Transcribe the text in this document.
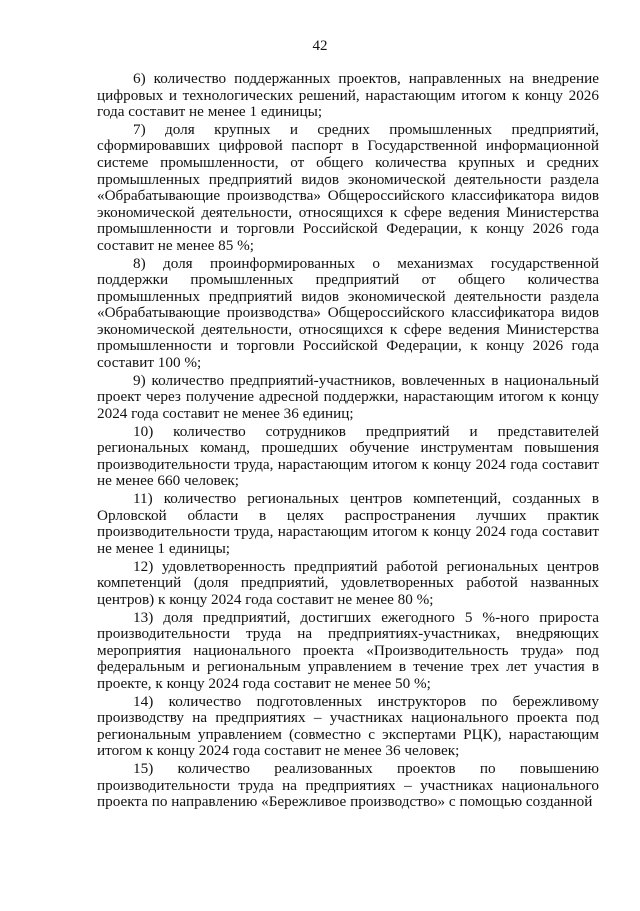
42

6) количество поддержанных проектов, направленных на внедрение цифровых и технологических решений, нарастающим итогом к концу 2026 года составит не менее 1 единицы;

7) доля крупных и средних промышленных предприятий, сформировавших цифровой паспорт в Государственной информационной системе промышленности, от общего количества крупных и средних промышленных предприятий видов экономической деятельности раздела «Обрабатывающие производства» Общероссийского классификатора видов экономической деятельности, относящихся к сфере ведения Министерства промышленности и торговли Российской Федерации, к концу 2026 года составит не менее 85 %;

8) доля проинформированных о механизмах государственной поддержки промышленных предприятий от общего количества промышленных предприятий видов экономической деятельности раздела «Обрабатывающие производства» Общероссийского классификатора видов экономической деятельности, относящихся к сфере ведения Министерства промышленности и торговли Российской Федерации, к концу 2026 года составит 100 %;

9) количество предприятий-участников, вовлеченных в национальный проект через получение адресной поддержки, нарастающим итогом к концу 2024 года составит не менее 36 единиц;

10) количество сотрудников предприятий и представителей региональных команд, прошедших обучение инструментам повышения производительности труда, нарастающим итогом к концу 2024 года составит не менее 660 человек;

11) количество региональных центров компетенций, созданных в Орловской области в целях распространения лучших практик производительности труда, нарастающим итогом к концу 2024 года составит не менее 1 единицы;

12) удовлетворенность предприятий работой региональных центров компетенций (доля предприятий, удовлетворенных работой названных центров) к концу 2024 года составит не менее 80 %;

13) доля предприятий, достигших ежегодного 5 %-ного прироста производительности труда на предприятиях-участниках, внедряющих мероприятия национального проекта «Производительность труда» под федеральным и региональным управлением в течение трех лет участия в проекте, к концу 2024 года составит не менее 50 %;

14) количество подготовленных инструкторов по бережливому производству на предприятиях – участниках национального проекта под региональным управлением (совместно с экспертами РЦК), нарастающим итогом к концу 2024 года составит не менее 36 человек;

15) количество реализованных проектов по повышению производительности труда на предприятиях – участниках национального проекта по направлению «Бережливое производство» с помощью созданной
